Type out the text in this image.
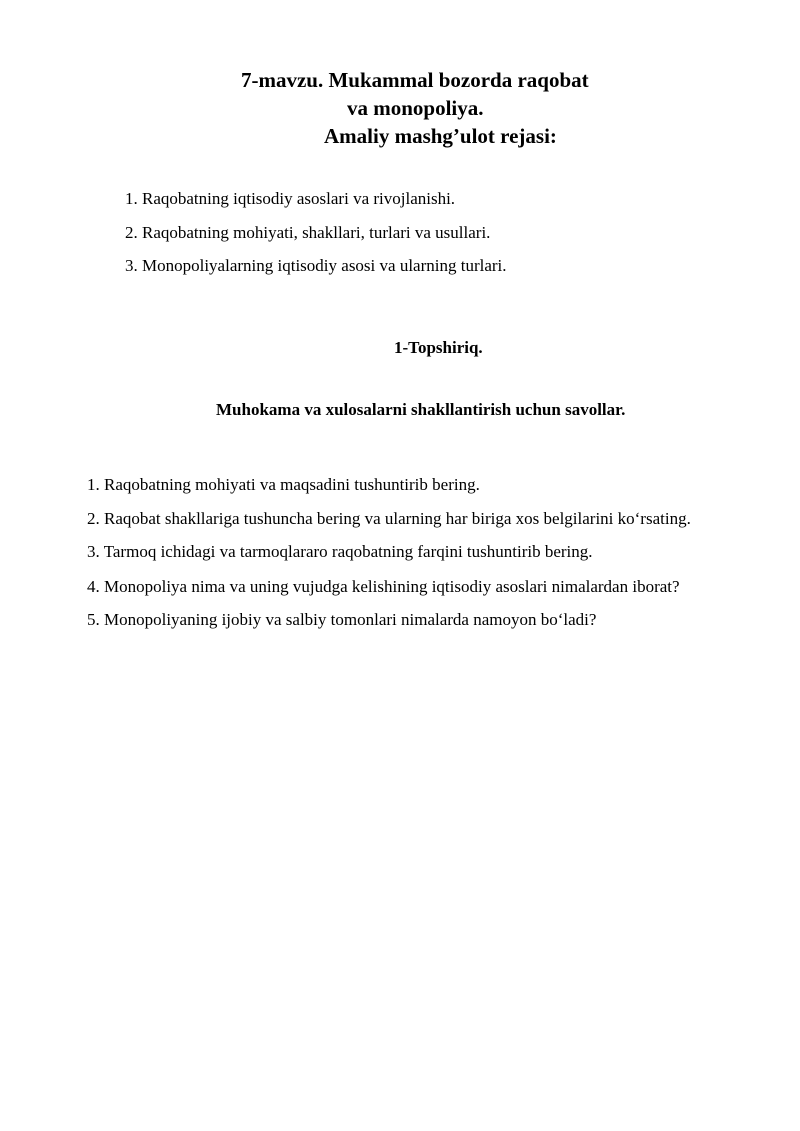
7-mavzu. Mukammal bozorda raqobat
va monopoliya.
Amaliy mashg’ulot rejasi:
1. Raqobatning iqtisodiy asoslari va rivojlanishi.
2. Raqobatning mohiyati, shakllari, turlari va usullari.
3. Monopoliyalarning iqtisodiy asosi va ularning turlari.
1-Topshiriq.
Muhokama va xulosalarni shakllantirish uchun savollar.
1. Raqobatning mohiyati va maqsadini tushuntirib bering.
2. Raqobat shakllariga tushuncha bering va ularning har biriga xos belgilarini ko‘rsating.
3. Tarmoq ichidagi va tarmoqlararo raqobatning farqini tushuntirib bering.
4. Monopoliya nima va uning vujudga kelishining iqtisodiy asoslari nimalardan iborat?
5. Monopoliyaning ijobiy va salbiy tomonlari nimalarda namoyon bo‘ladi?
